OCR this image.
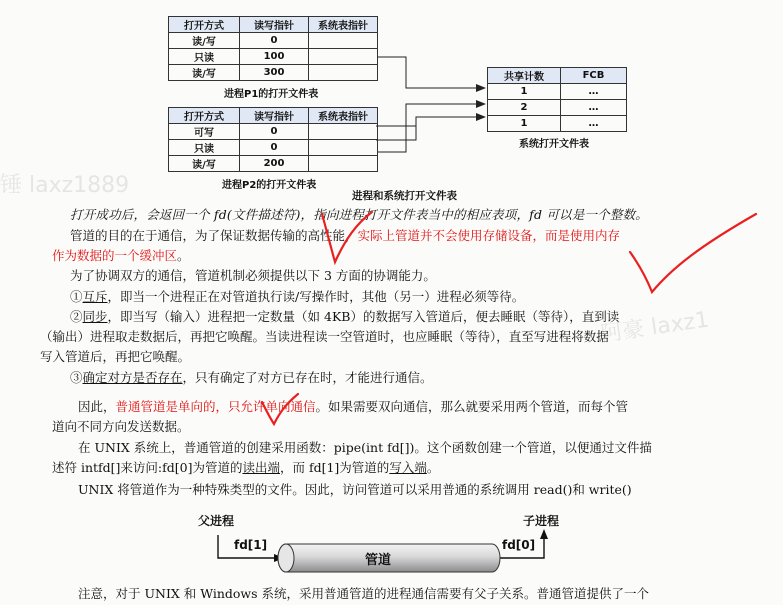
锤 laxz1889
阿豪 laxz1
打开方式	读写指针	系统表指针
读/写	0	
只读	100	
读/写	300	
进程P1的打开文件表
打开方式	读写指针	系统表指针
可写	0	
只读	0	
读/写	200	
进程P2的打开文件表
共享计数	FCB
1	…
2	…
1	…
系统打开文件表
进程和系统打开文件表
打开成功后，会返回一个 fd(文件描述符)，指向进程打开文件表当中的相应表项，fd 可以是一个整数。
管道的目的在于通信，为了保证数据传输的高性能，实际上管道并不会使用存储设备，而是使用内存
作为数据的一个缓冲区。
为了协调双方的通信，管道机制必须提供以下 3 方面的协调能力。
①互斥，即当一个进程正在对管道执行读/写操作时，其他（另一）进程必须等待。
②同步，即当写（输入）进程把一定数量（如 4KB）的数据写入管道后，便去睡眠（等待），直到读
（输出）进程取走数据后，再把它唤醒。当读进程读一空管道时，也应睡眠（等待），直至写进程将数据
写入管道后，再把它唤醒。
③确定对方是否存在，只有确定了对方已存在时，才能进行通信。
因此，普通管道是单向的，只允许单向通信。如果需要双向通信，那么就要采用两个管道，而每个管
道向不同方向发送数据。
在 UNIX 系统上，普通管道的创建采用函数：pipe(int fd[])。这个函数创建一个管道，以便通过文件描
述符 intfd[]来访问:fd[0]为管道的读出端，而 fd[1]为管道的写入端。
UNIX 将管道作为一种特殊类型的文件。因此，访问管道可以采用普通的系统调用 read()和 write()
父进程	子进程
fd[1]	fd[0]
管道
注意，对于 UNIX 和 Windows 系统，采用普通管道的进程通信需要有父子关系。普通管道提供了一个
